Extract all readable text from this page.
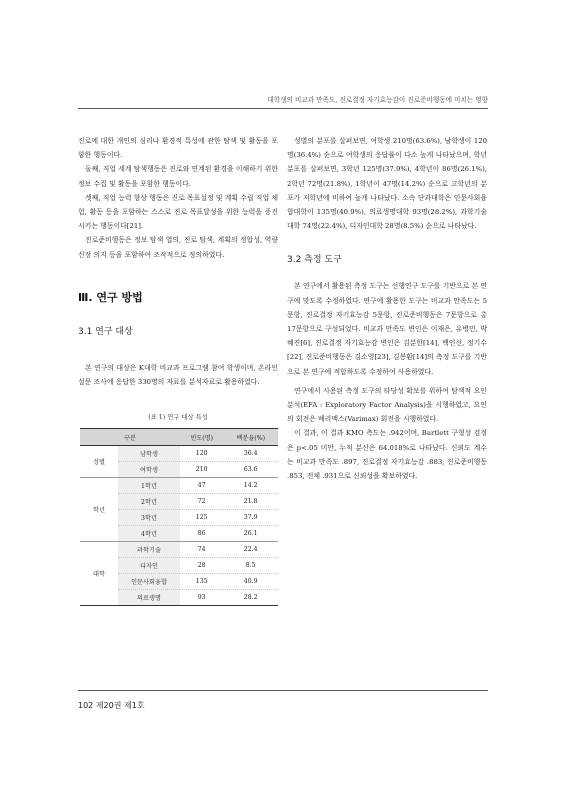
대학생의 비교과 만족도, 진로결정 자기효능감이 진로준비행동에 미치는 영향

진로에 대한 개인의 심리나 환경적 특성에 관한 탐색 및 활동을 포함한 행동이다.

둘째, 직업 세계 탐색행동은 진로와 연계된 환경을 이해하기 위한 정보 수집 및 활동을 포함한 행동이다.

셋째, 직업 능력 향상 행동은 진로 목표설정 및 계획 수립 직업 체험, 활동 등을 포함하는 스스로 진로 목표달성을 위한 능력을 증진시키는 행동이다[21].

진로준비행동은 정보 탐색 열의, 진로 탐색, 계획의 정합성, 역량 신장 의지 등을 포함하여 조작적으로 정의하였다.

Ⅲ. 연구 방법
3.1 연구 대상

본 연구의 대상은 K대학 비교과 프로그램 참여 학생이며, 온라인 설문 조사에 응답한 330명의 자료를 분석자료로 활용하였다.

(표 1) 연구 대상 특성
구분		빈도(명)	백분율(%)
성별	남학생	120	36.4
	여학생	210	63.6
학년	1학년	47	14.2
	2학년	72	21.8
	3학년	125	37.9
	4학년	86	26.1
대학	과학기술	74	22.4
	디자인	28	8.5
	인문사회융합	135	40.9
	의료생명	93	28.2

성별의 분포를 살펴보면, 여학생 210명(63.6%), 남학생이 120명(36.4%) 순으로 여학생의 응답률이 다소 높게 나타났으며, 학년 분포를 살펴보면, 3학년 125명(37.9%), 4학년이 86명(26.1%), 2학년 72명(21.8%), 1학년이 47명(14.2%) 순으로 고학년의 분포가 저학년에 비하여 높게 나타났다. 소속 단과대학은 인문사회융합대학이 135명(40.9%), 의료생명대학 93명(28.2%), 과학기술대학 74명(22.4%), 디자인대학 28명(8.5%) 순으로 나타났다.

3.2 측정 도구

본 연구에서 활용된 측정 도구는 선행연구 도구를 기반으로 본 연구에 맞도록 수정하였다. 연구에 활용한 도구는 비교과 만족도는 5문항, 진로결정 자기효능감 5문항, 진로준비행동은 7문항으로 총 17문항으로 구성되었다. 비교과 만족도 변인은 이재은, 유병민, 박혜진[6], 진로결정 자기효능감 변인은 김분한[14], 백인선, 정기수[22], 진로준비행동은 김소영[23], 김봉환[14]의 측정 도구를 기반으로 본 연구에 적합하도록 수정하여 사용하였다.

연구에서 사용된 측정 도구의 타당성 확보를 위하여 탐색적 요인분석(EFA : Exploratory Factor Analysis)을 시행하였고, 요인의 회전은 베리맥스(Varimax) 회전을 시행하였다.

이 결과, 이 결과 KMO 측도는 .942이며, Bartlett 구형성 검정은 p<.05 미만, 누적 분산은 64.018%로 나타났다. 신뢰도 계수는 비교과 만족도 .897, 진로결정 자기효능감 .883, 진로준비행동 .853, 전체 .931으로 신뢰성을 확보하였다.

102 제20권 제1호
